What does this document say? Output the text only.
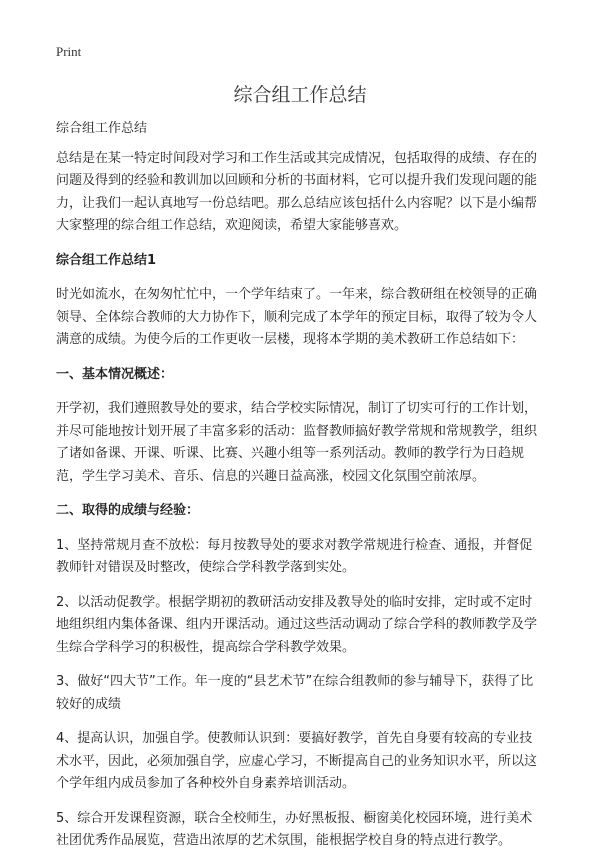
Print
综合组工作总结

综合组工作总结

总结是在某一特定时间段对学习和工作生活或其完成情况，包括取得的成绩、存在的问题及得到的经验和教训加以回顾和分析的书面材料，它可以提升我们发现问题的能力，让我们一起认真地写一份总结吧。那么总结应该包括什么内容呢？以下是小编帮大家整理的综合组工作总结，欢迎阅读，希望大家能够喜欢。

综合组工作总结1

时光如流水，在匆匆忙忙中，一个学年结束了。一年来，综合教研组在校领导的正确领导、全体综合教师的大力协作下，顺利完成了本学年的预定目标，取得了较为令人满意的成绩。为使今后的工作更收一层楼，现将本学期的美术教研工作总结如下：

一、基本情况概述：

开学初，我们遵照教导处的要求，结合学校实际情况，制订了切实可行的工作计划，并尽可能地按计划开展了丰富多彩的活动：监督教师搞好教学常规和常规教学，组织了诸如备课、开课、听课、比赛、兴趣小组等一系列活动。教师的教学行为日趋规范，学生学习美术、音乐、信息的兴趣日益高涨，校园文化氛围空前浓厚。

二、取得的成绩与经验：

1、坚持常规月查不放松：每月按教导处的要求对教学常规进行检查、通报，并督促教师针对错误及时整改，使综合学科教学落到实处。

2、以活动促教学。根据学期初的教研活动安排及教导处的临时安排，定时或不定时地组织组内集体备课、组内开课活动。通过这些活动调动了综合学科的教师教学及学生综合学科学习的积极性，提高综合学科教学效果。

3、做好“四大节”工作。年一度的“县艺术节”在综合组教师的参与辅导下，获得了比较好的成绩

4、提高认识，加强自学。使教师认识到：要搞好教学，首先自身要有较高的专业技术水平，因此，必须加强自学，应虚心学习，不断提高自己的业务知识水平，所以这个学年组内成员参加了各种校外自身素养培训活动。

5、综合开发课程资源，联合全校师生，办好黑板报、橱窗美化校园环境，进行美术社团优秀作品展览，营造出浓厚的艺术氛围，能根据学校自身的特点进行教学。
